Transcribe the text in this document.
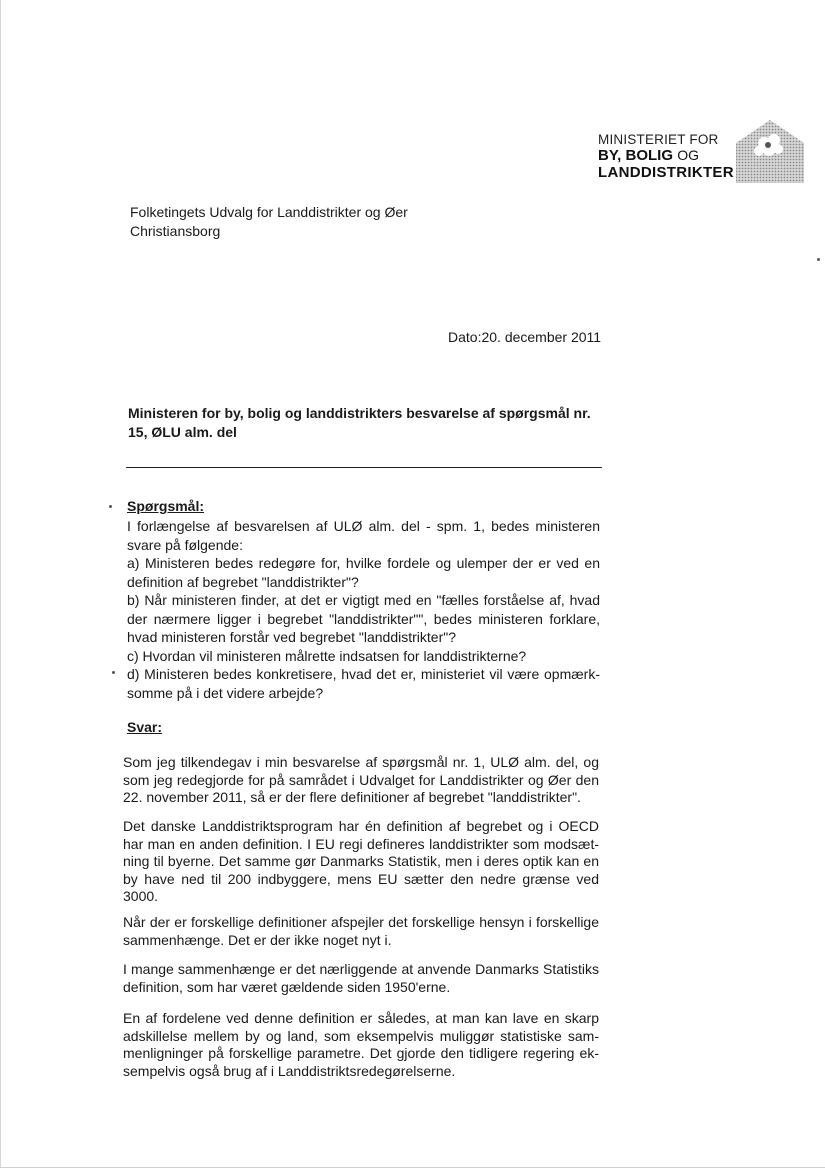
MINISTERIET FOR
BY, BOLIG OG
LANDDISTRIKTER
Folketingets Udvalg for Landdistrikter og Øer
Christiansborg
Dato:20. december 2011
Ministeren for by, bolig og landdistrikters besvarelse af spørgsmål nr.
15, ØLU alm. del
Spørgsmål:

I forlængelse af besvarelsen af ULØ alm. del - spm. 1, bedes ministeren svare på følgende:

a) Ministeren bedes redegøre for, hvilke fordele og ulemper der er ved en definition af begrebet "landdistrikter"?

b) Når ministeren finder, at det er vigtigt med en "fælles forståelse af, hvad der nærmere ligger i begrebet "landdistrikter"", bedes ministeren forklare, hvad ministeren forstår ved begrebet "landdistrikter"?

c) Hvordan vil ministeren målrette indsatsen for landdistrikterne?

d) Ministeren bedes konkretisere, hvad det er, ministeriet vil være opmærk-somme på i det videre arbejde?

Svar:

Som jeg tilkendegav i min besvarelse af spørgsmål nr. 1, ULØ alm. del, og som jeg redegjorde for på samrådet i Udvalget for Landdistrikter og Øer den 22. november 2011, så er der flere definitioner af begrebet "landdistrikter".

Det danske Landdistriktsprogram har én definition af begrebet og i OECD har man en anden definition. I EU regi defineres landdistrikter som modsæt-ning til byerne. Det samme gør Danmarks Statistik, men i deres optik kan en by have ned til 200 indbyggere, mens EU sætter den nedre grænse ved 3000.

Når der er forskellige definitioner afspejler det forskellige hensyn i forskellige sammenhænge. Det er der ikke noget nyt i.

I mange sammenhænge er det nærliggende at anvende Danmarks Statistiks definition, som har været gældende siden 1950'erne.

En af fordelene ved denne definition er således, at man kan lave en skarp adskillelse mellem by og land, som eksempelvis muliggør statistiske sam-menligninger på forskellige parametre. Det gjorde den tidligere regering ek-sempelvis også brug af i Landdistriktsredegørelserne.
